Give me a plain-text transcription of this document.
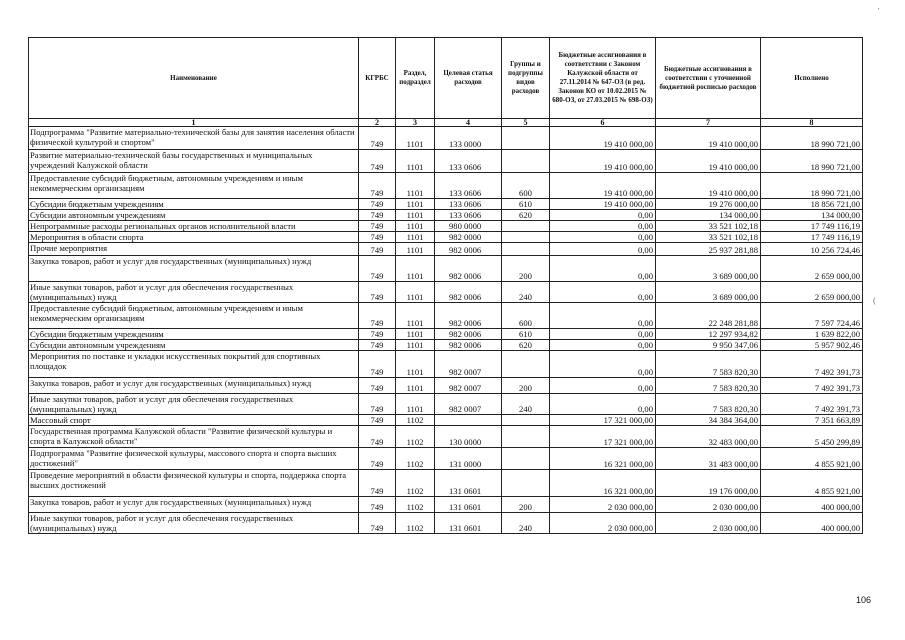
Наименование	КГРБС	Раздел, подраздел	Целевая статья расходов	Группы и подгруппы видов расходов	Бюджетные ассигнования в соответствии с Законом Калужской области от 27.11.2014 № 647-ОЗ (в ред. Законов КО от 10.02.2015 № 680-ОЗ, от 27.03.2015 № 698-ОЗ)	Бюджетные ассигнования в соответствии с уточненной бюджетной росписью расходов	Исполнено
1	2	3	4	5	6	7	8
Подпрограмма "Развитие материально-технической базы для занятия населения области физической культурой и спортом"	749	1101	133 0000		19 410 000,00	19 410 000,00	18 990 721,00
Развитие материально-технической базы государственных и муниципальных учреждений Калужской области	749	1101	133 0606		19 410 000,00	19 410 000,00	18 990 721,00
Предоставление субсидий бюджетным, автономным учреждениям и иным некоммерческим организациям	749	1101	133 0606	600	19 410 000,00	19 410 000,00	18 990 721,00
Субсидии бюджетным учреждениям	749	1101	133 0606	610	19 410 000,00	19 276 000,00	18 856 721,00
Субсидии автономным учреждениям	749	1101	133 0606	620	0,00	134 000,00	134 000,00
Непрограммные расходы региональных органов исполнительной власти	749	1101	980 0000		0,00	33 521 102,18	17 749 116,19
Мероприятия в области спорта	749	1101	982 0000		0,00	33 521 102,18	17 749 116,19
Прочие мероприятия	749	1101	982 0006		0,00	25 937 281,88	10 256 724,46
Закупка товаров, работ и услуг для государственных (муниципальных) нужд	749	1101	982 0006	200	0,00	3 689 000,00	2 659 000,00
Иные закупки товаров, работ и услуг для обеспечения государственных (муниципальных) нужд	749	1101	982 0006	240	0,00	3 689 000,00	2 659 000,00
Предоставление субсидий бюджетным, автономным учреждениям и иным некоммерческим организациям	749	1101	982 0006	600	0,00	22 248 281,88	7 597 724,46
Субсидии бюджетным учреждениям	749	1101	982 0006	610	0,00	12 297 934,82	1 639 822,00
Субсидии автономным учреждениям	749	1101	982 0006	620	0,00	9 950 347,06	5 957 902,46
Мероприятия по поставке и укладки искусственных покрытий для спортивных площадок	749	1101	982 0007		0,00	7 583 820,30	7 492 391,73
Закупка товаров, работ и услуг для государственных (муниципальных) нужд	749	1101	982 0007	200	0,00	7 583 820,30	7 492 391,73
Иные закупки товаров, работ и услуг для обеспечения государственных (муниципальных) нужд	749	1101	982 0007	240	0,00	7 583 820,30	7 492 391,73
Массовый спорт	749	1102			17 321 000,00	34 384 364,00	7 351 663,89
Государственная программа Калужской области "Развитие физической культуры и спорта в Калужской области"	749	1102	130 0000		17 321 000,00	32 483 000,00	5 450 299,89
Подпрограмма "Развитие физической культуры, массового спорта и спорта высших достижений"	749	1102	131 0000		16 321 000,00	31 483 000,00	4 855 921,00
Проведение мероприятий в области физической культуры и спорта, поддержка спорта высших достижений	749	1102	131 0601		16 321 000,00	19 176 000,00	4 855 921,00
Закупка товаров, работ и услуг для государственных (муниципальных) нужд	749	1102	131 0601	200	2 030 000,00	2 030 000,00	400 000,00
Иные закупки товаров, работ и услуг для обеспечения государственных (муниципальных) нужд	749	1102	131 0601	240	2 030 000,00	2 030 000,00	400 000,00
'
(
106
